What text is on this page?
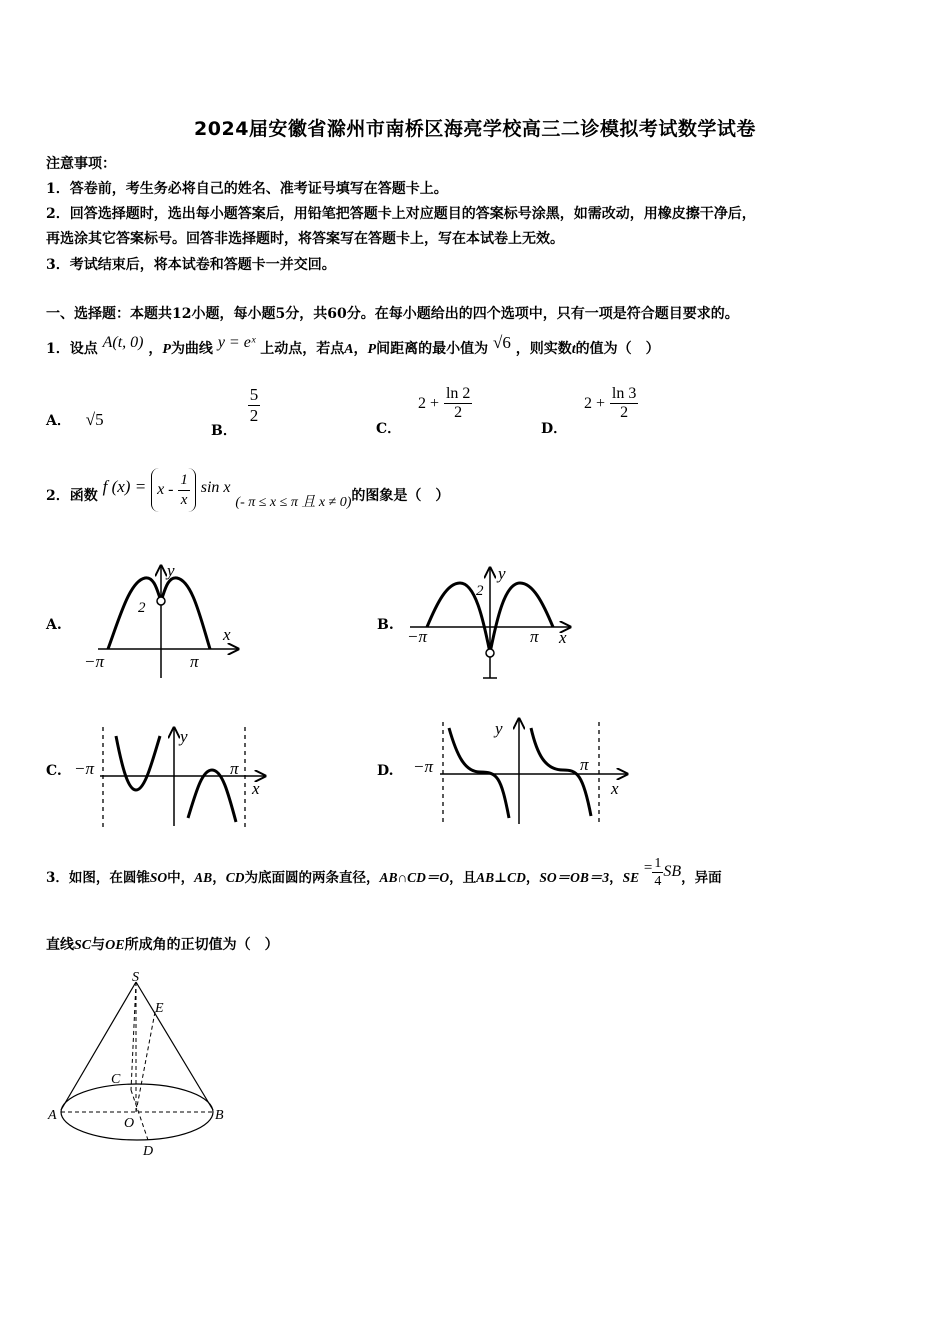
2024届安徽省滁州市南桥区海亮学校高三二诊模拟考试数学试卷
注意事项：
1．答卷前，考生务必将自己的姓名、准考证号填写在答题卡上。
2．回答选择题时，选出每小题答案后，用铅笔把答题卡上对应题目的答案标号涂黑，如需改动，用橡皮擦干净后，
再选涂其它答案标号。回答非选择题时，将答案写在答题卡上，写在本试卷上无效。
3．考试结束后，将本试卷和答题卡一并交回。
一、选择题：本题共12小题，每小题5分，共60分。在每小题给出的四个选项中，只有一项是符合题目要求的。
1．设点 A(t, 0) ，P为曲线 y = eˣ 上动点，若点A，P间距离的最小值为 √6 ，则实数t的值为（　）
A． √5
B．
$\frac{5}{2}$
C． $2 + \frac{\ln 2}{2}$
D． $2 + \frac{\ln 3}{2}$
2．函数 f $(x) = x - \frac{1}{x}$ sin x (- π ≤ x ≤ π 且 x ≠ 0)的图象是（　）
A.	B.
C.	D.
2
y
x
−π	π
2
y
x
−π	π
−π
y
π
x
−π
y
π
x
3．如图，在圆锥SO中，AB，CD为底面圆的两条直径，AB∩CD＝O，且AB⊥CD，SO＝OB＝3，SE = $\frac{1}{4}$ SB，异面
直线SC与OE所成角的正切值为（　）
S
E
C
A
O
B
D
